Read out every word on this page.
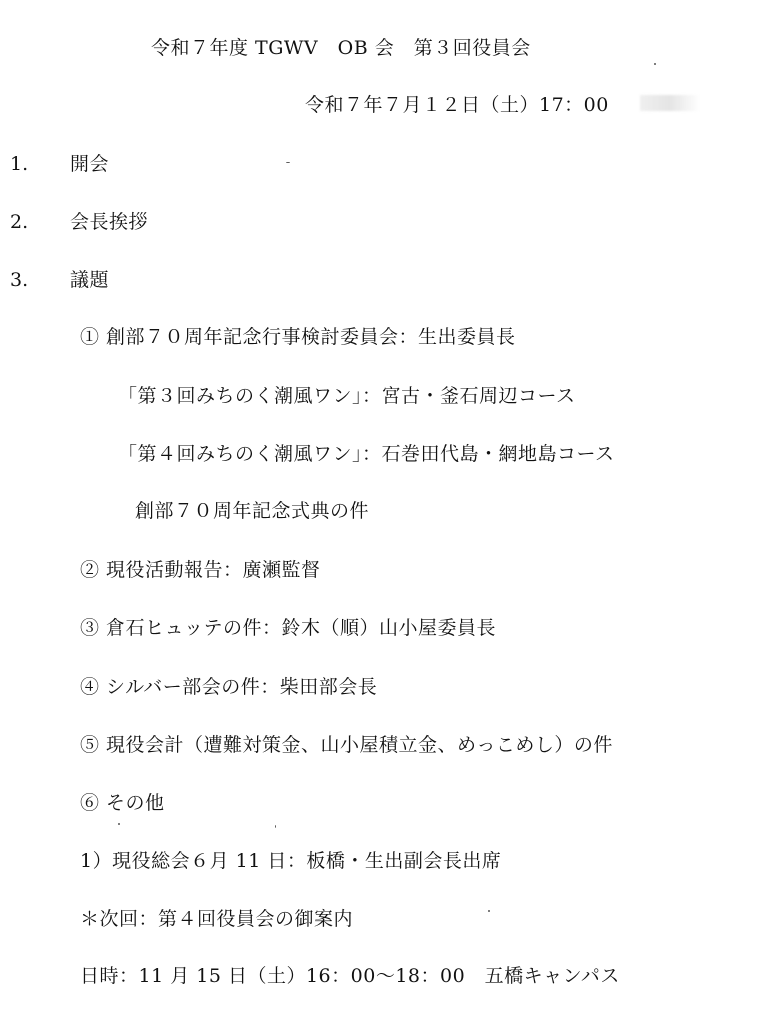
令和７年度 TGWV　OB 会　第３回役員会
令和７年７月１２日（土）17：00
1. 開会
2. 会長挨拶
3. 議題
① 創部７０周年記念行事検討委員会：生出委員長
「第３回みちのく潮風ワン」：宮古・釜石周辺コース
「第４回みちのく潮風ワン」：石巻田代島・網地島コース
創部７０周年記念式典の件
② 現役活動報告：廣瀬監督
③ 倉石ヒュッテの件：鈴木（順）山小屋委員長
④ シルバー部会の件：柴田部会長
⑤ 現役会計（遭難対策金、山小屋積立金、めっこめし）の件
⑥ その他
1）現役総会６月 11 日：板橋・生出副会長出席
＊次回：第４回役員会の御案内
日時：11 月 15 日（土）16：00〜18：00　五橋キャンパス
